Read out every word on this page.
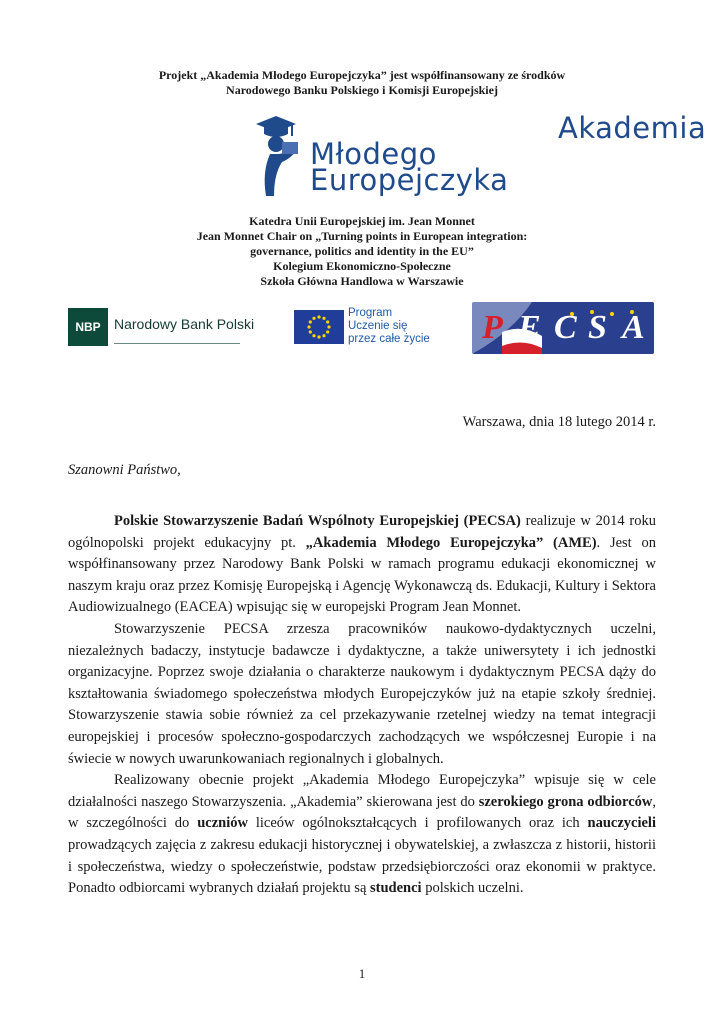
Projekt „Akademia Młodego Europejczyka” jest współfinansowany ze środków
Narodowego Banku Polskiego i Komisji Europejskiej
Akademia
Młodego
Europejczyka
Katedra Unii Europejskiej im. Jean Monnet
Jean Monnet Chair on „Turning points in European integration:
governance, politics and identity in the EU”
Kolegium Ekonomiczno-Społeczne
Szkoła Główna Handlowa w Warszawie
NBP Narodowy Bank Polski
Program
Uczenie się
przez całe życie P E C S A
Warszawa, dnia 18 lutego 2014 r.
Szanowni Państwo,

Polskie Stowarzyszenie Badań Wspólnoty Europejskiej (PECSA) realizuje w 2014 roku ogólnopolski projekt edukacyjny pt. „Akademia Młodego Europejczyka” (AME). Jest on współfinansowany przez Narodowy Bank Polski w ramach programu edukacji ekonomicznej w naszym kraju oraz przez Komisję Europejską i Agencję Wykonawczą ds. Edukacji, Kultury i Sektora Audiowizualnego (EACEA) wpisując się w europejski Program Jean Monnet.

Stowarzyszenie PECSA zrzesza pracowników naukowo-dydaktycznych uczelni, niezależnych badaczy, instytucje badawcze i dydaktyczne, a także uniwersytety i ich jednostki organizacyjne. Poprzez swoje działania o charakterze naukowym i dydaktycznym PECSA dąży do kształtowania świadomego społeczeństwa młodych Europejczyków już na etapie szkoły średniej. Stowarzyszenie stawia sobie również za cel przekazywanie rzetelnej wiedzy na temat integracji europejskiej i procesów społeczno-gospodarczych zachodzących we współczesnej Europie i na świecie w nowych uwarunkowaniach regionalnych i globalnych.

Realizowany obecnie projekt „Akademia Młodego Europejczyka” wpisuje się w cele działalności naszego Stowarzyszenia. „Akademia” skierowana jest do szerokiego grona odbiorców, w szczególności do uczniów liceów ogólnokształcących i profilowanych oraz ich nauczycieli prowadzących zajęcia z zakresu edukacji historycznej i obywatelskiej, a zwłaszcza z historii, historii i społeczeństwa, wiedzy o społeczeństwie, podstaw przedsiębiorczości oraz ekonomii w praktyce. Ponadto odbiorcami wybranych działań projektu są studenci polskich uczelni.

1
